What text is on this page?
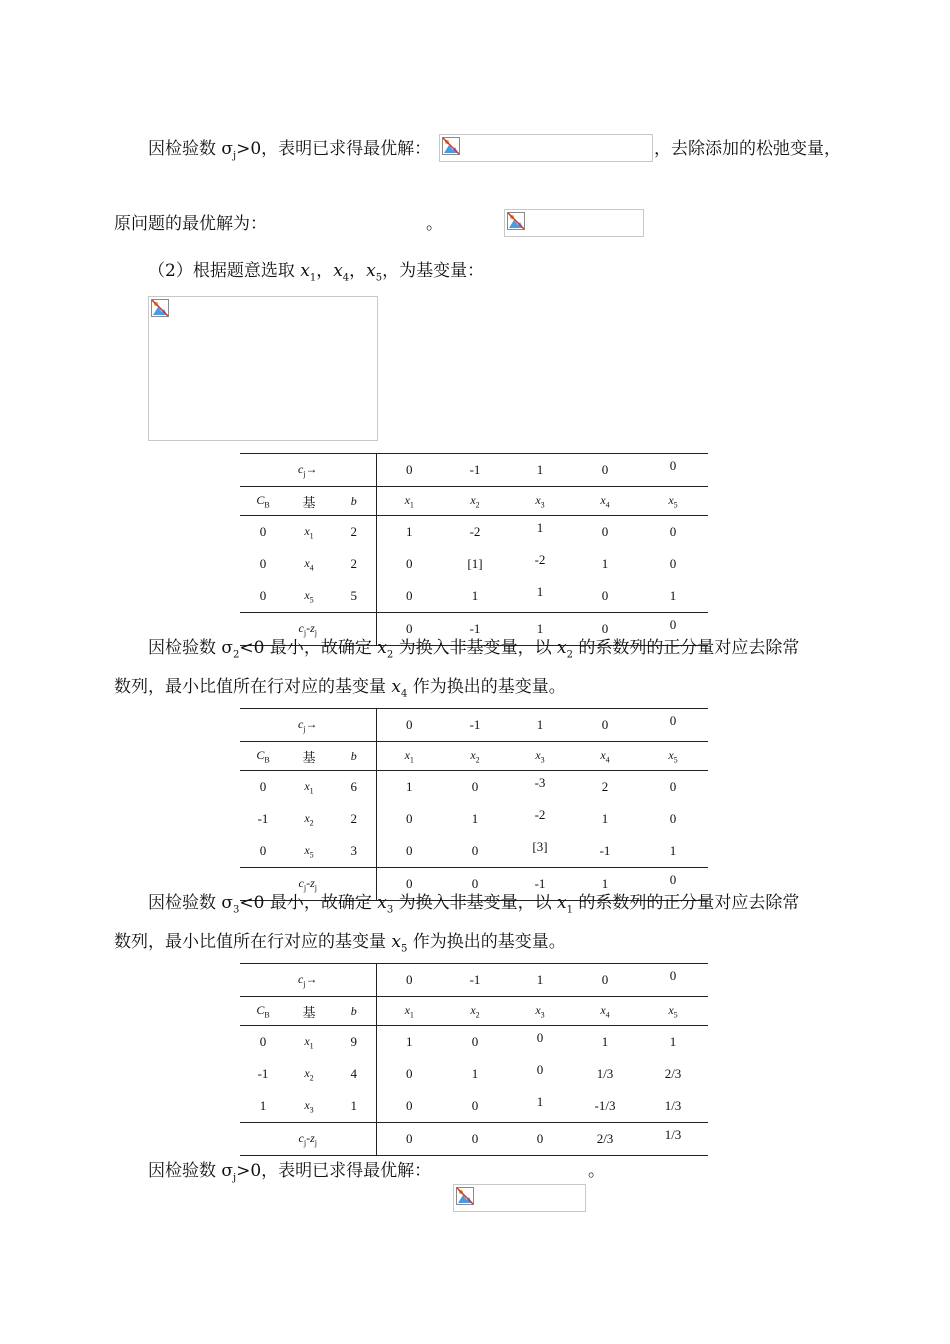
因检验数 $\sigma_j>0$，表明已求得最优解：
	，去除添加的松弛变量，
原问题的最优解为：	。
（2）根据题意选取 $x_1$，$x_4$，$x_5$，为基变量：
$c_j\to$			0	-1	1	0	0
$C_B$	基	b	$x_1$	$x_2$	$x_3$	$x_4$	$x_5$
0	$x_1$	2	1	-2	1	0	0
0	$x_4$	2	0	[1]	-2	1	0
0	$x_5$	5	0	1	1	0	1
$c_j-z_j$			0	-1	1	0	0
因检验数 $\sigma_2<0$ 最小，故确定 $x_2$ 为换入非基变量，以 $x_2$ 的系数列的正分量对应去除常
数列，最小比值所在行对应的基变量 $x_4$ 作为换出的基变量。
$c_j\to$			0	-1	1	0	0
$C_B$	基	b	$x_1$	$x_2$	$x_3$	$x_4$	$x_5$
0	$x_1$	6	1	0	-3	2	0
-1	$x_2$	2	0	1	-2	1	0
0	$x_5$	3	0	0	[3]	-1	1
$c_j-z_j$			0	0	-1	1	0
因检验数 $\sigma_3<0$ 最小，故确定 $x_3$ 为换入非基变量，以 $x_1$ 的系数列的正分量对应去除常
数列，最小比值所在行对应的基变量 $x_5$ 作为换出的基变量。
$c_j\to$			0	-1	1	0	0
$C_B$	基	b	$x_1$	$x_2$	$x_3$	$x_4$	$x_5$
0	$x_1$	9	1	0	0	1	1
-1	$x_2$	4	0	1	0	1/3	2/3
1	$x_3$	1	0	0	1	-1/3	1/3
$c_j-z_j$			0	0	0	2/3	1/3
因检验数 $\sigma_j>0$，表明已求得最优解：	。
